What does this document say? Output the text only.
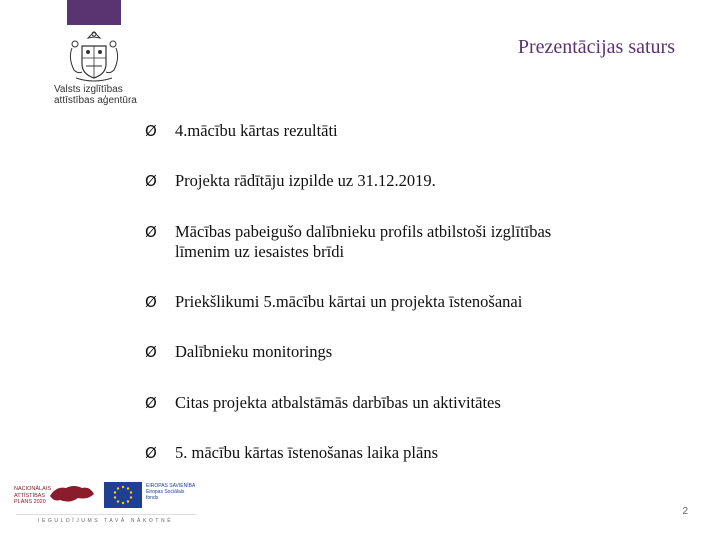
Prezentācijas saturs
Valsts izglītības
attīstības aģentūra
Ø	4.mācību kārtas rezultāti
Ø	Projekta rādītāju izpilde uz 31.12.2019.
Ø	Mācības pabeigušo dalībnieku profils atbilstoši izglītības
līmenim uz iesaistes brīdi
Ø	Priekšlikumi 5.mācību kārtai un projekta īstenošanai
Ø	Dalībnieku monitorings
Ø	Citas projekta atbalstāmās darbības un aktivitātes
Ø	5. mācību kārtas īstenošanas laika plāns
NACIONĀLAIS
ATTĪSTĪBAS
PLĀNS 2020
EIROPAS SAVIENĪBA
Eiropas Sociālais
fonds
IEGULDĪJUMS TAVĀ NĀKOTNĒ
2
